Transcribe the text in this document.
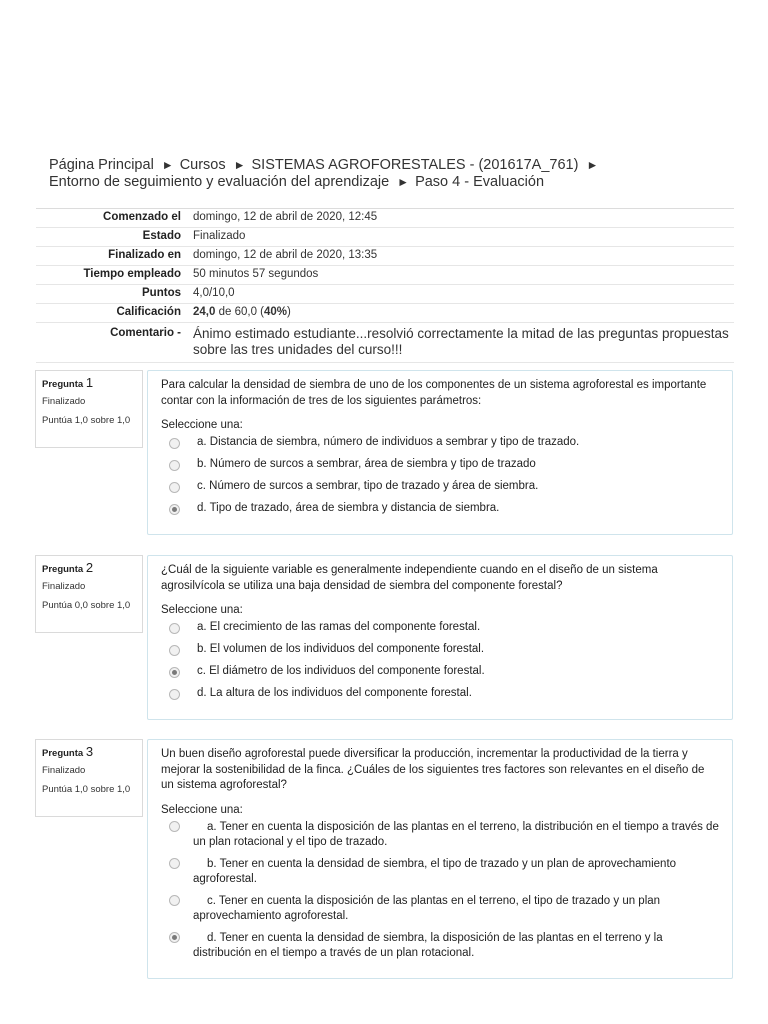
Página Principal ► Cursos ► SISTEMAS AGROFORESTALES - (201617A_761) ►
Entorno de seguimiento y evaluación del aprendizaje ► Paso 4 - Evaluación
Comenzado el	domingo, 12 de abril de 2020, 12:45
Estado	Finalizado
Finalizado en	domingo, 12 de abril de 2020, 13:35
Tiempo empleado	50 minutos 57 segundos
Puntos	4,0/10,0
Calificación	24,0 de 60,0 (40%)
Comentario - Ánimo estimado estudiante...resolvió correctamente la mitad de las preguntas propuestas sobre las tres unidades del curso!!!
Pregunta 1
Finalizado
Puntúa 1,0 sobre 1,0
Para calcular la densidad de siembra de uno de los componentes de un sistema agroforestal es importante contar con la información de tres de los siguientes parámetros:
Seleccione una:
a. Distancia de siembra, número de individuos a sembrar y tipo de trazado.
b. Número de surcos a sembrar, área de siembra y tipo de trazado
c. Número de surcos a sembrar, tipo de trazado y área de siembra.
d. Tipo de trazado, área de siembra y distancia de siembra.
Pregunta 2
Finalizado
Puntúa 0,0 sobre 1,0
¿Cuál de la siguiente variable es generalmente independiente cuando en el diseño de un sistema agrosilvícola se utiliza una baja densidad de siembra del componente forestal?
Seleccione una:
a. El crecimiento de las ramas del componente forestal.
b. El volumen de los individuos del componente forestal.
c. El diámetro de los individuos del componente forestal.
d. La altura de los individuos del componente forestal.
Pregunta 3
Finalizado
Puntúa 1,0 sobre 1,0
Un buen diseño agroforestal puede diversificar la producción, incrementar la productividad de la tierra y mejorar la sostenibilidad de la finca. ¿Cuáles de los siguientes tres factores son relevantes en el diseño de un sistema agroforestal?
Seleccione una:
a. Tener en cuenta la disposición de las plantas en el terreno, la distribución en el tiempo a través de un plan rotacional y el tipo de trazado.
b. Tener en cuenta la densidad de siembra, el tipo de trazado y un plan de aprovechamiento agroforestal.
c. Tener en cuenta la disposición de las plantas en el terreno, el tipo de trazado y un plan aprovechamiento agroforestal.
d. Tener en cuenta la densidad de siembra, la disposición de las plantas en el terreno y la distribución en el tiempo a través de un plan rotacional.
